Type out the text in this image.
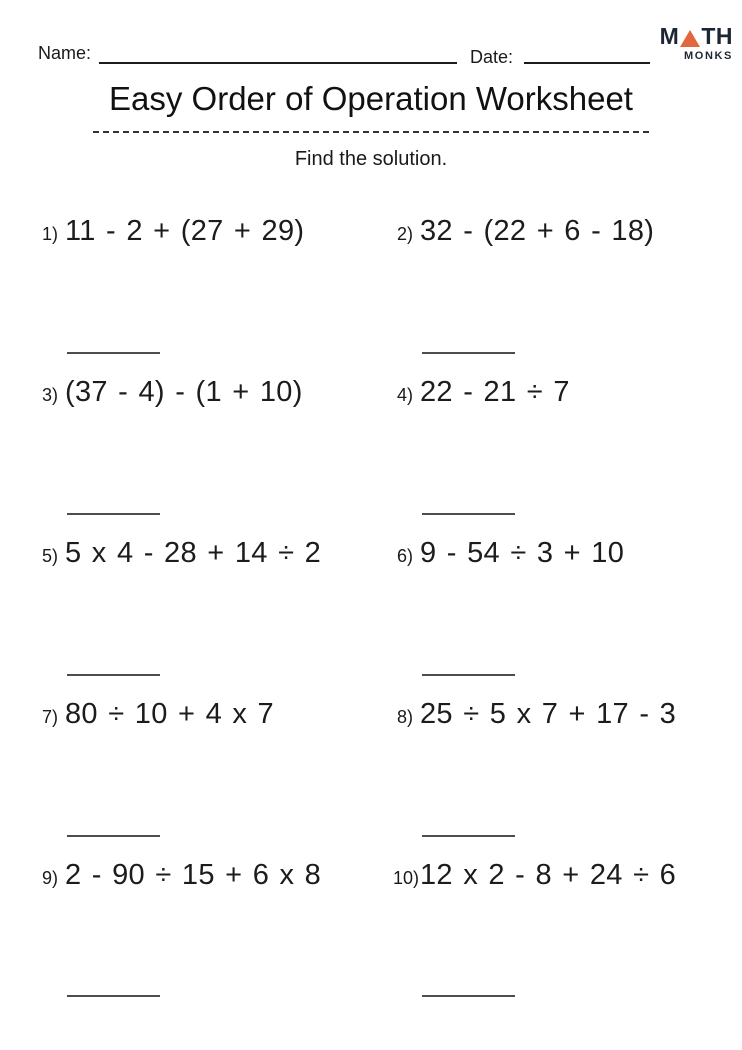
Name:	Date:
M TH
MONKS
Easy Order of Operation Worksheet
Find the solution.
1) 11 - 2 + (27 + 29)	2) 32 - (22 + 6 - 18)
3) (37 - 4) - (1 + 10)	4) 22 - 21 ÷ 7
5) 5 x 4 - 28 + 14 ÷ 2	6) 9 - 54 ÷ 3 + 10
7) 80 ÷ 10 + 4 x 7	8) 25 ÷ 5 x 7 + 17 - 3
9) 2 - 90 ÷ 15 + 6 x 8	10) 12 x 2 - 8 + 24 ÷ 6
